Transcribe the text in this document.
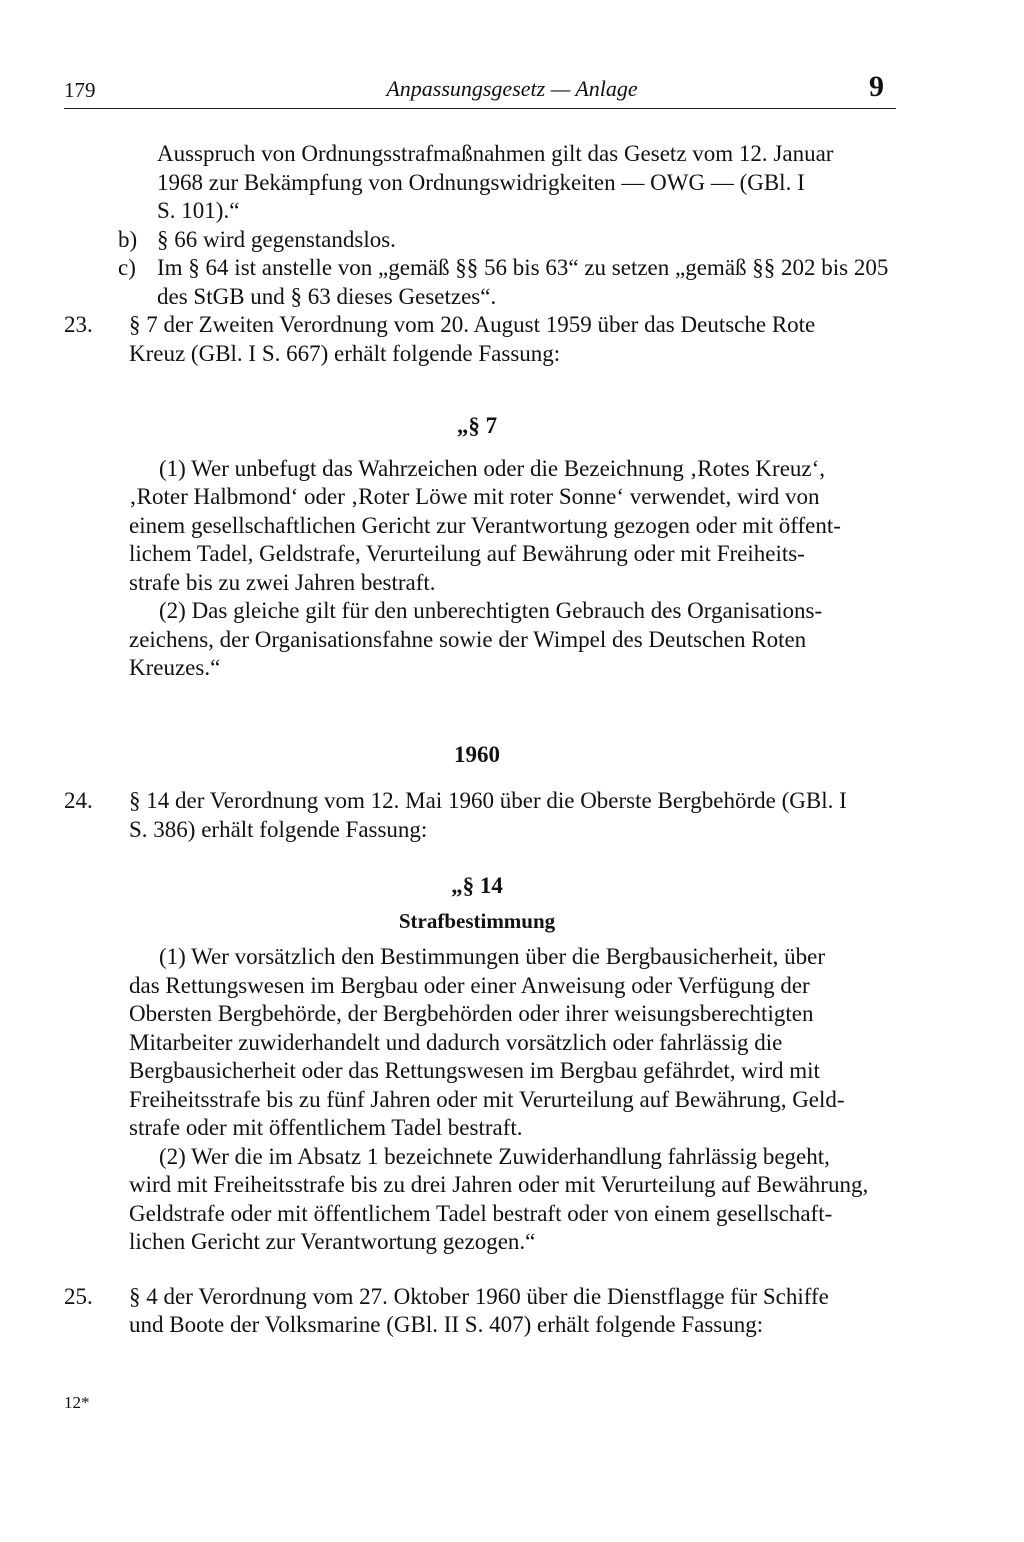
179	Anpassungsgesetz — Anlage	9

Ausspruch von Ordnungsstrafmaßnahmen gilt das Gesetz vom 12. Januar

1968 zur Bekämpfung von Ordnungswidrigkeiten — OWG — (GBl. I

S. 101).“

b) § 66 wird gegenstandslos.

c) Im § 64 ist anstelle von „gemäß §§ 56 bis 63“ zu setzen „gemäß §§ 202 bis 205

des StGB und § 63 dieses Gesetzes“.

23. § 7 der Zweiten Verordnung vom 20. August 1959 über das Deutsche Rote

Kreuz (GBl. I S. 667) erhält folgende Fassung:

„§ 7

(1) Wer unbefugt das Wahrzeichen oder die Bezeichnung ‚Rotes Kreuz‘,

‚Roter Halbmond‘ oder ‚Roter Löwe mit roter Sonne‘ verwendet, wird von

einem gesellschaftlichen Gericht zur Verantwortung gezogen oder mit öffent-

lichem Tadel, Geldstrafe, Verurteilung auf Bewährung oder mit Freiheits-

strafe bis zu zwei Jahren bestraft.

(2) Das gleiche gilt für den unberechtigten Gebrauch des Organisations-

zeichens, der Organisationsfahne sowie der Wimpel des Deutschen Roten

Kreuzes.“

1960

24. § 14 der Verordnung vom 12. Mai 1960 über die Oberste Bergbehörde (GBl. I

S. 386) erhält folgende Fassung:

„§ 14

Strafbestimmung

(1) Wer vorsätzlich den Bestimmungen über die Bergbausicherheit, über

das Rettungswesen im Bergbau oder einer Anweisung oder Verfügung der

Obersten Bergbehörde, der Bergbehörden oder ihrer weisungsberechtigten

Mitarbeiter zuwiderhandelt und dadurch vorsätzlich oder fahrlässig die

Bergbausicherheit oder das Rettungswesen im Bergbau gefährdet, wird mit

Freiheitsstrafe bis zu fünf Jahren oder mit Verurteilung auf Bewährung, Geld-

strafe oder mit öffentlichem Tadel bestraft.

(2) Wer die im Absatz 1 bezeichnete Zuwiderhandlung fahrlässig begeht,

wird mit Freiheitsstrafe bis zu drei Jahren oder mit Verurteilung auf Bewährung,

Geldstrafe oder mit öffentlichem Tadel bestraft oder von einem gesellschaft-

lichen Gericht zur Verantwortung gezogen.“

25. § 4 der Verordnung vom 27. Oktober 1960 über die Dienstflagge für Schiffe

und Boote der Volksmarine (GBl. II S. 407) erhält folgende Fassung:

12*
